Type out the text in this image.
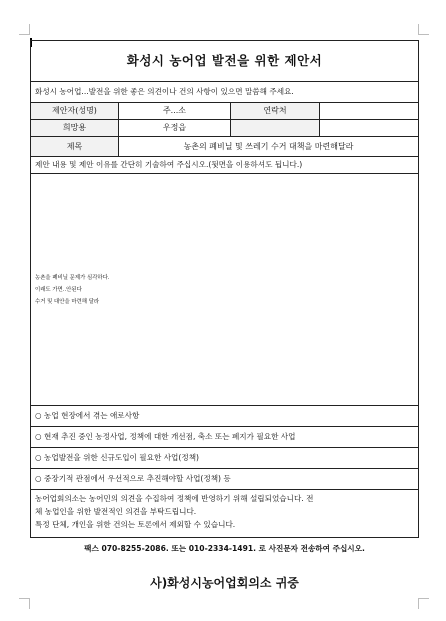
화성시 농어업 발전을 위한 제안서
화성시 농어업...발전을 위한 좋은 의견이나 건의 사항이 있으면 말씀해 주세요.
제안자(성명)	주...소	연락처
희망용	우정읍
제목	농촌의 폐비닐 및 쓰레기 수거 대책을 마련해달라
제안 내용 및 제안 이유를 간단히 기술하여 주십시오.(뒷면을 이용하셔도 됩니다.)
농촌을 폐비닐 문제가 심각하다.
이래도 가면..안된다
수거 및 대안을 마련해 달라
○ 농업 현장에서 겪는 애로사항
○ 현재 추진 중인 농정사업, 정책에 대한 개선점, 축소 또는 폐지가 필요한 사업
○ 농업발전을 위한 신규도입이 필요한 사업(정책)
○ 중장기적 관점에서 우선적으로 추진해야할 사업(정책) 등
농어업회의소는 농어민의 의견을 수집하여 정책에 반영하기 위해 설립되었습니다. 전
체 농업인을 위한 발전적인 의견을 부탁드립니다.
특정 단체, 개인을 위한 건의는 토론에서 제외할 수 있습니다.
팩스 070-8255-2086. 또는 010-2334-1491. 로 사진문자 전송하여 주십시오.
사)화성시농어업회의소 귀중
